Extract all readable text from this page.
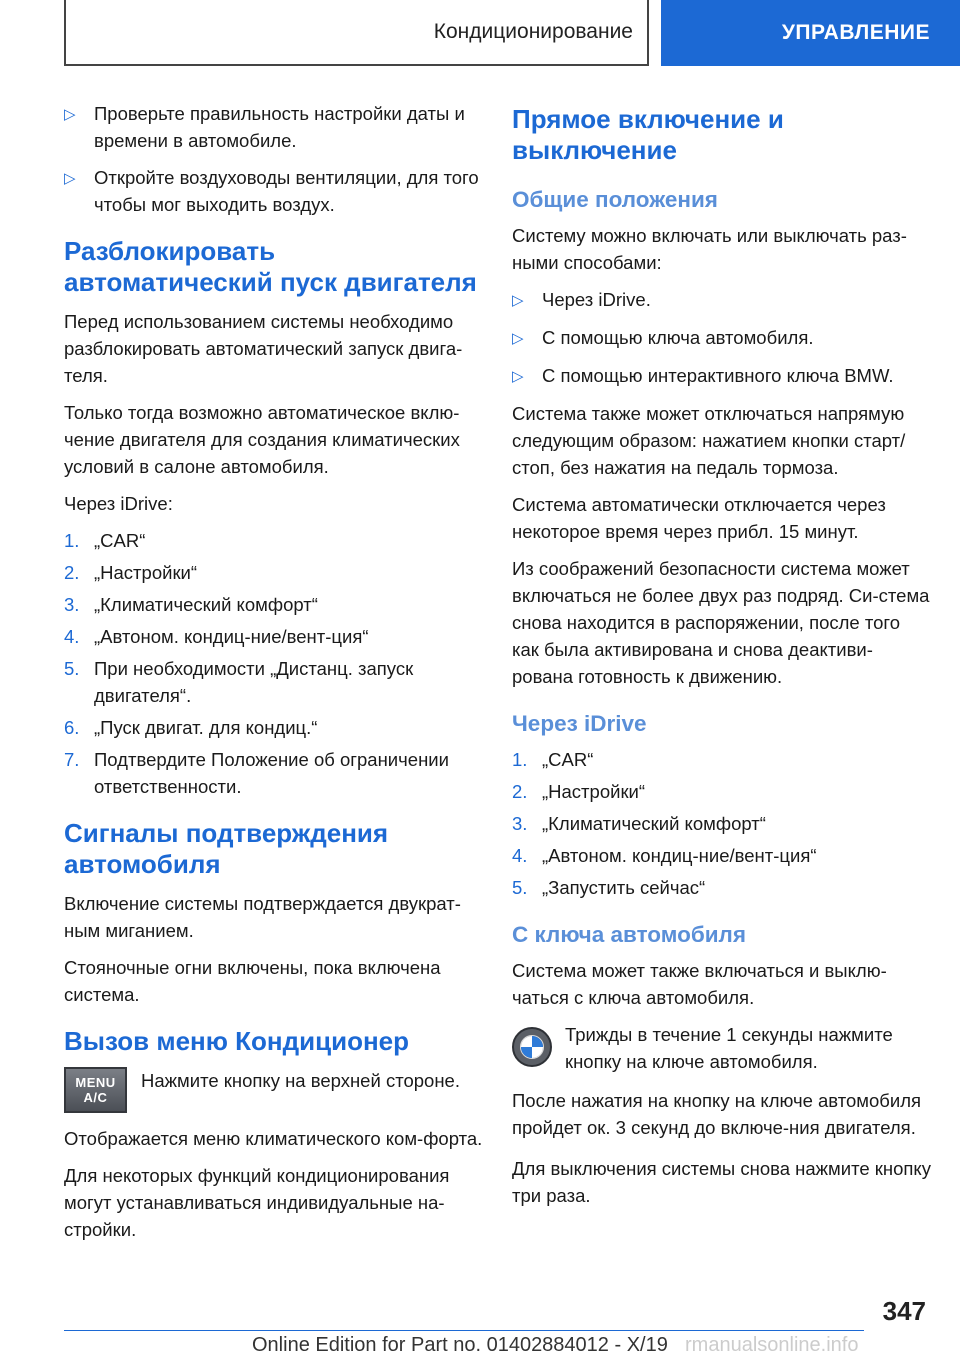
Кондиционирование	УПРАВЛЕНИЕ
▷ Проверьте правильность настройки даты и времени в автомобиле.
▷ Откройте воздуховоды вентиляции, для того чтобы мог выходить воздух.
Разблокировать автоматический пуск двигателя

Перед использованием системы необходимо разблокировать автоматический запуск двига-теля.

Только тогда возможно автоматическое вклю-чение двигателя для создания климатических условий в салоне автомобиля.

Через iDrive:

1. „CAR“
2. „Настройки“
3. „Климатический комфорт“
4. „Автоном. кондиц-ние/вент-ция“
5. При необходимости „Дистанц. запуск двигателя“.
6. „Пуск двигат. для кондиц.“
7. Подтвердите Положение об ограничении ответственности.
Сигналы подтверждения автомобиля

Включение системы подтверждается двукрат-ным миганием.

Стояночные огни включены, пока включена система.

Вызов меню Кондиционер
MENU
A/C
Нажмите кнопку на верхней стороне.

Отображается меню климатического ком-форта.

Для некоторых функций кондиционирования могут устанавливаться индивидуальные на-стройки.

Прямое включение и выключение
Общие положения

Систему можно включать или выключать раз-ными способами:

▷ Через iDrive.
▷ С помощью ключа автомобиля.
▷ С помощью интерактивного ключа BMW.

Система также может отключаться напрямую следующим образом: нажатием кнопки старт/стоп, без нажатия на педаль тормоза.

Система автоматически отключается через некоторое время через прибл. 15 минут.

Из соображений безопасности система может включаться не более двух раз подряд. Си-стема снова находится в распоряжении, после того как была активирована и снова деактиви-рована готовность к движению.

Через iDrive
1. „CAR“
2. „Настройки“
3. „Климатический комфорт“
4. „Автоном. кондиц-ние/вент-ция“
5. „Запустить сейчас“
С ключа автомобиля

Система может также включаться и выклю-чаться с ключа автомобиля.

Трижды в течение 1 секунды нажмите кнопку на ключе автомобиля.

После нажатия на кнопку на ключе автомобиля пройдет ок. 3 секунд до включе-ния двигателя.

Для выключения системы снова нажмите кнопку три раза.

347
Online Edition for Part no. 01402884012 - X/19 rmanualsonline.info
